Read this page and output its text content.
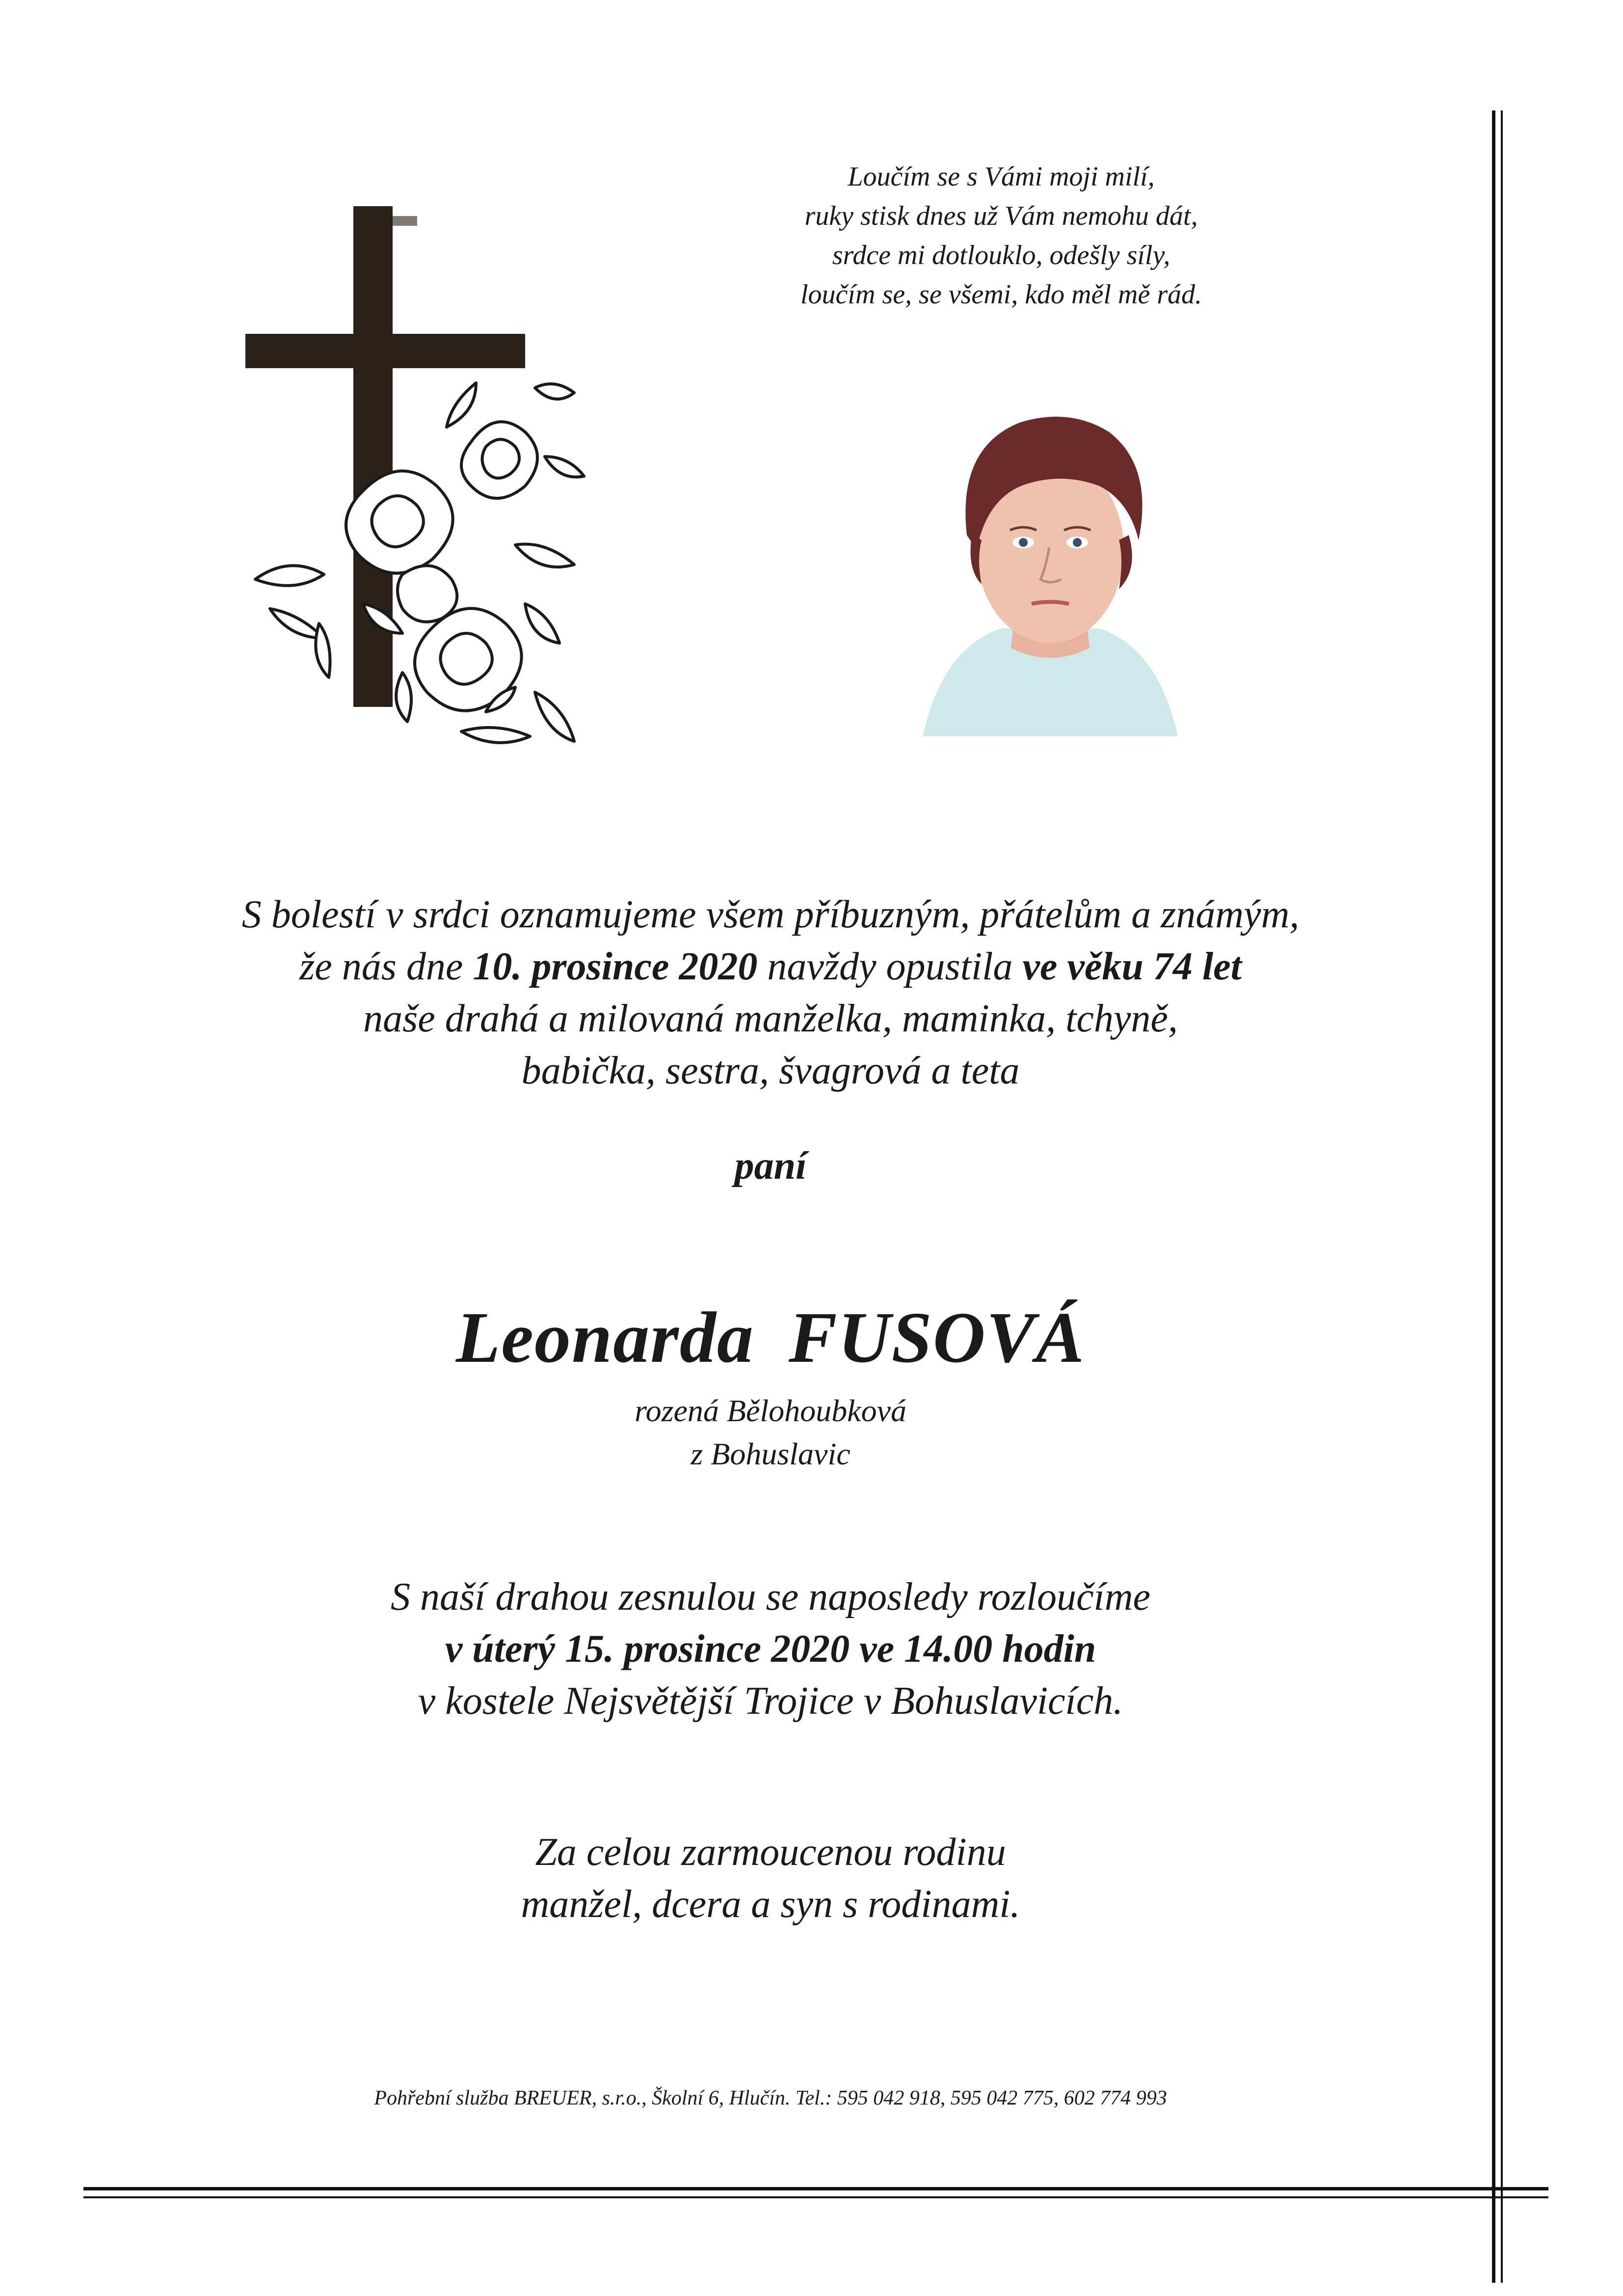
Loučím se s Vámi moji milí,
ruky stisk dnes už Vám nemohu dát,
srdce mi dotlouklo, odešly síly,
loučím se, se všemi, kdo měl mě rád.
S bolestí v srdci oznamujeme všem příbuzným, přátelům a známým,
že nás dne 10. prosince 2020 navždy opustila ve věku 74 let
naše drahá a milovaná manželka, maminka, tchyně,
babička, sestra, švagrová a teta
paní
Leonarda FUSOVÁ
rozená Bělohoubková
z Bohuslavic
S naší drahou zesnulou se naposledy rozloučíme
v úterý 15. prosince 2020 ve 14.00 hodin
v kostele Nejsvětější Trojice v Bohuslavicích.
Za celou zarmoucenou rodinu
manžel, dcera a syn s rodinami.
Pohřební služba BREUER, s.r.o., Školní 6, Hlučín. Tel.: 595 042 918, 595 042 775, 602 774 993
